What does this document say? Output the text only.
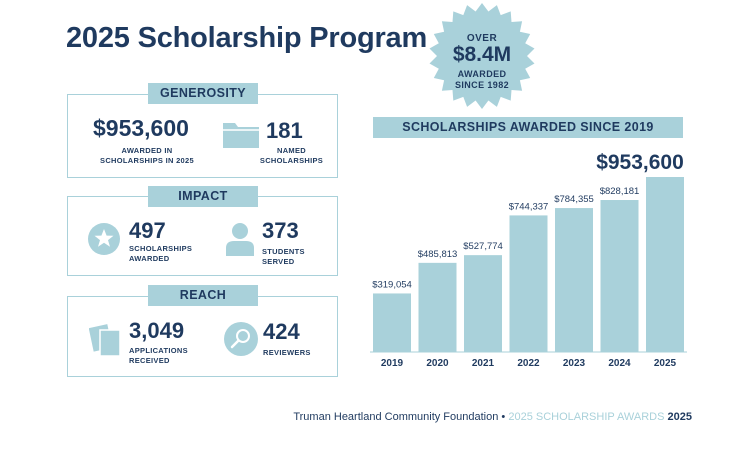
2025 Scholarship Program	OVER
$8.4M
AWARDED
SINCE 1982
GENEROSITY
$953,600
AWARDED IN
SCHOLARSHIPS IN 2025
181
NAMED
SCHOLARSHIPS
IMPACT
497
SCHOLARSHIPS
AWARDED
373
STUDENTS
SERVED
REACH
3,049
APPLICATIONS
RECEIVED
424
REVIEWERS
SCHOLARSHIPS AWARDED SINCE 2019
$319,054
2019
$485,813
2020
$527,774
2021
$744,337
2022
$784,355
2023
$828,181
2024
$953,600
2025
Truman Heartland Community Foundation • 2025 SCHOLARSHIP AWARDS 2025
